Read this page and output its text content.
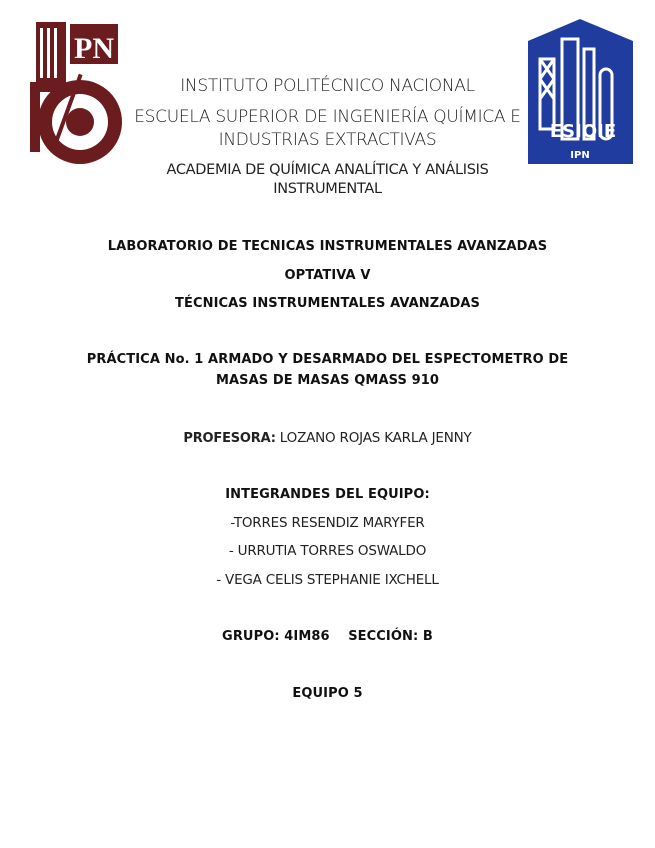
PN
ESIQIE
IPN
INSTITUTO POLITÉCNICO NACIONAL
ESCUELA SUPERIOR DE INGENIERÍA QUÍMICA E
INDUSTRIAS EXTRACTIVAS
ACADEMIA DE QUÍMICA ANALÍTICA Y ANÁLISIS
INSTRUMENTAL
LABORATORIO DE TECNICAS INSTRUMENTALES AVANZADAS
OPTATIVA V
TÉCNICAS INSTRUMENTALES AVANZADAS
PRÁCTICA No. 1 ARMADO Y DESARMADO DEL ESPECTOMETRO DE
MASAS DE MASAS QMASS 910
PROFESORA: LOZANO ROJAS KARLA JENNY
INTEGRANDES DEL EQUIPO:
-TORRES RESENDIZ MARYFER
- URRUTIA TORRES OSWALDO
- VEGA CELIS STEPHANIE IXCHELL
GRUPO: 4IM86    SECCIÓN: B
EQUIPO 5
